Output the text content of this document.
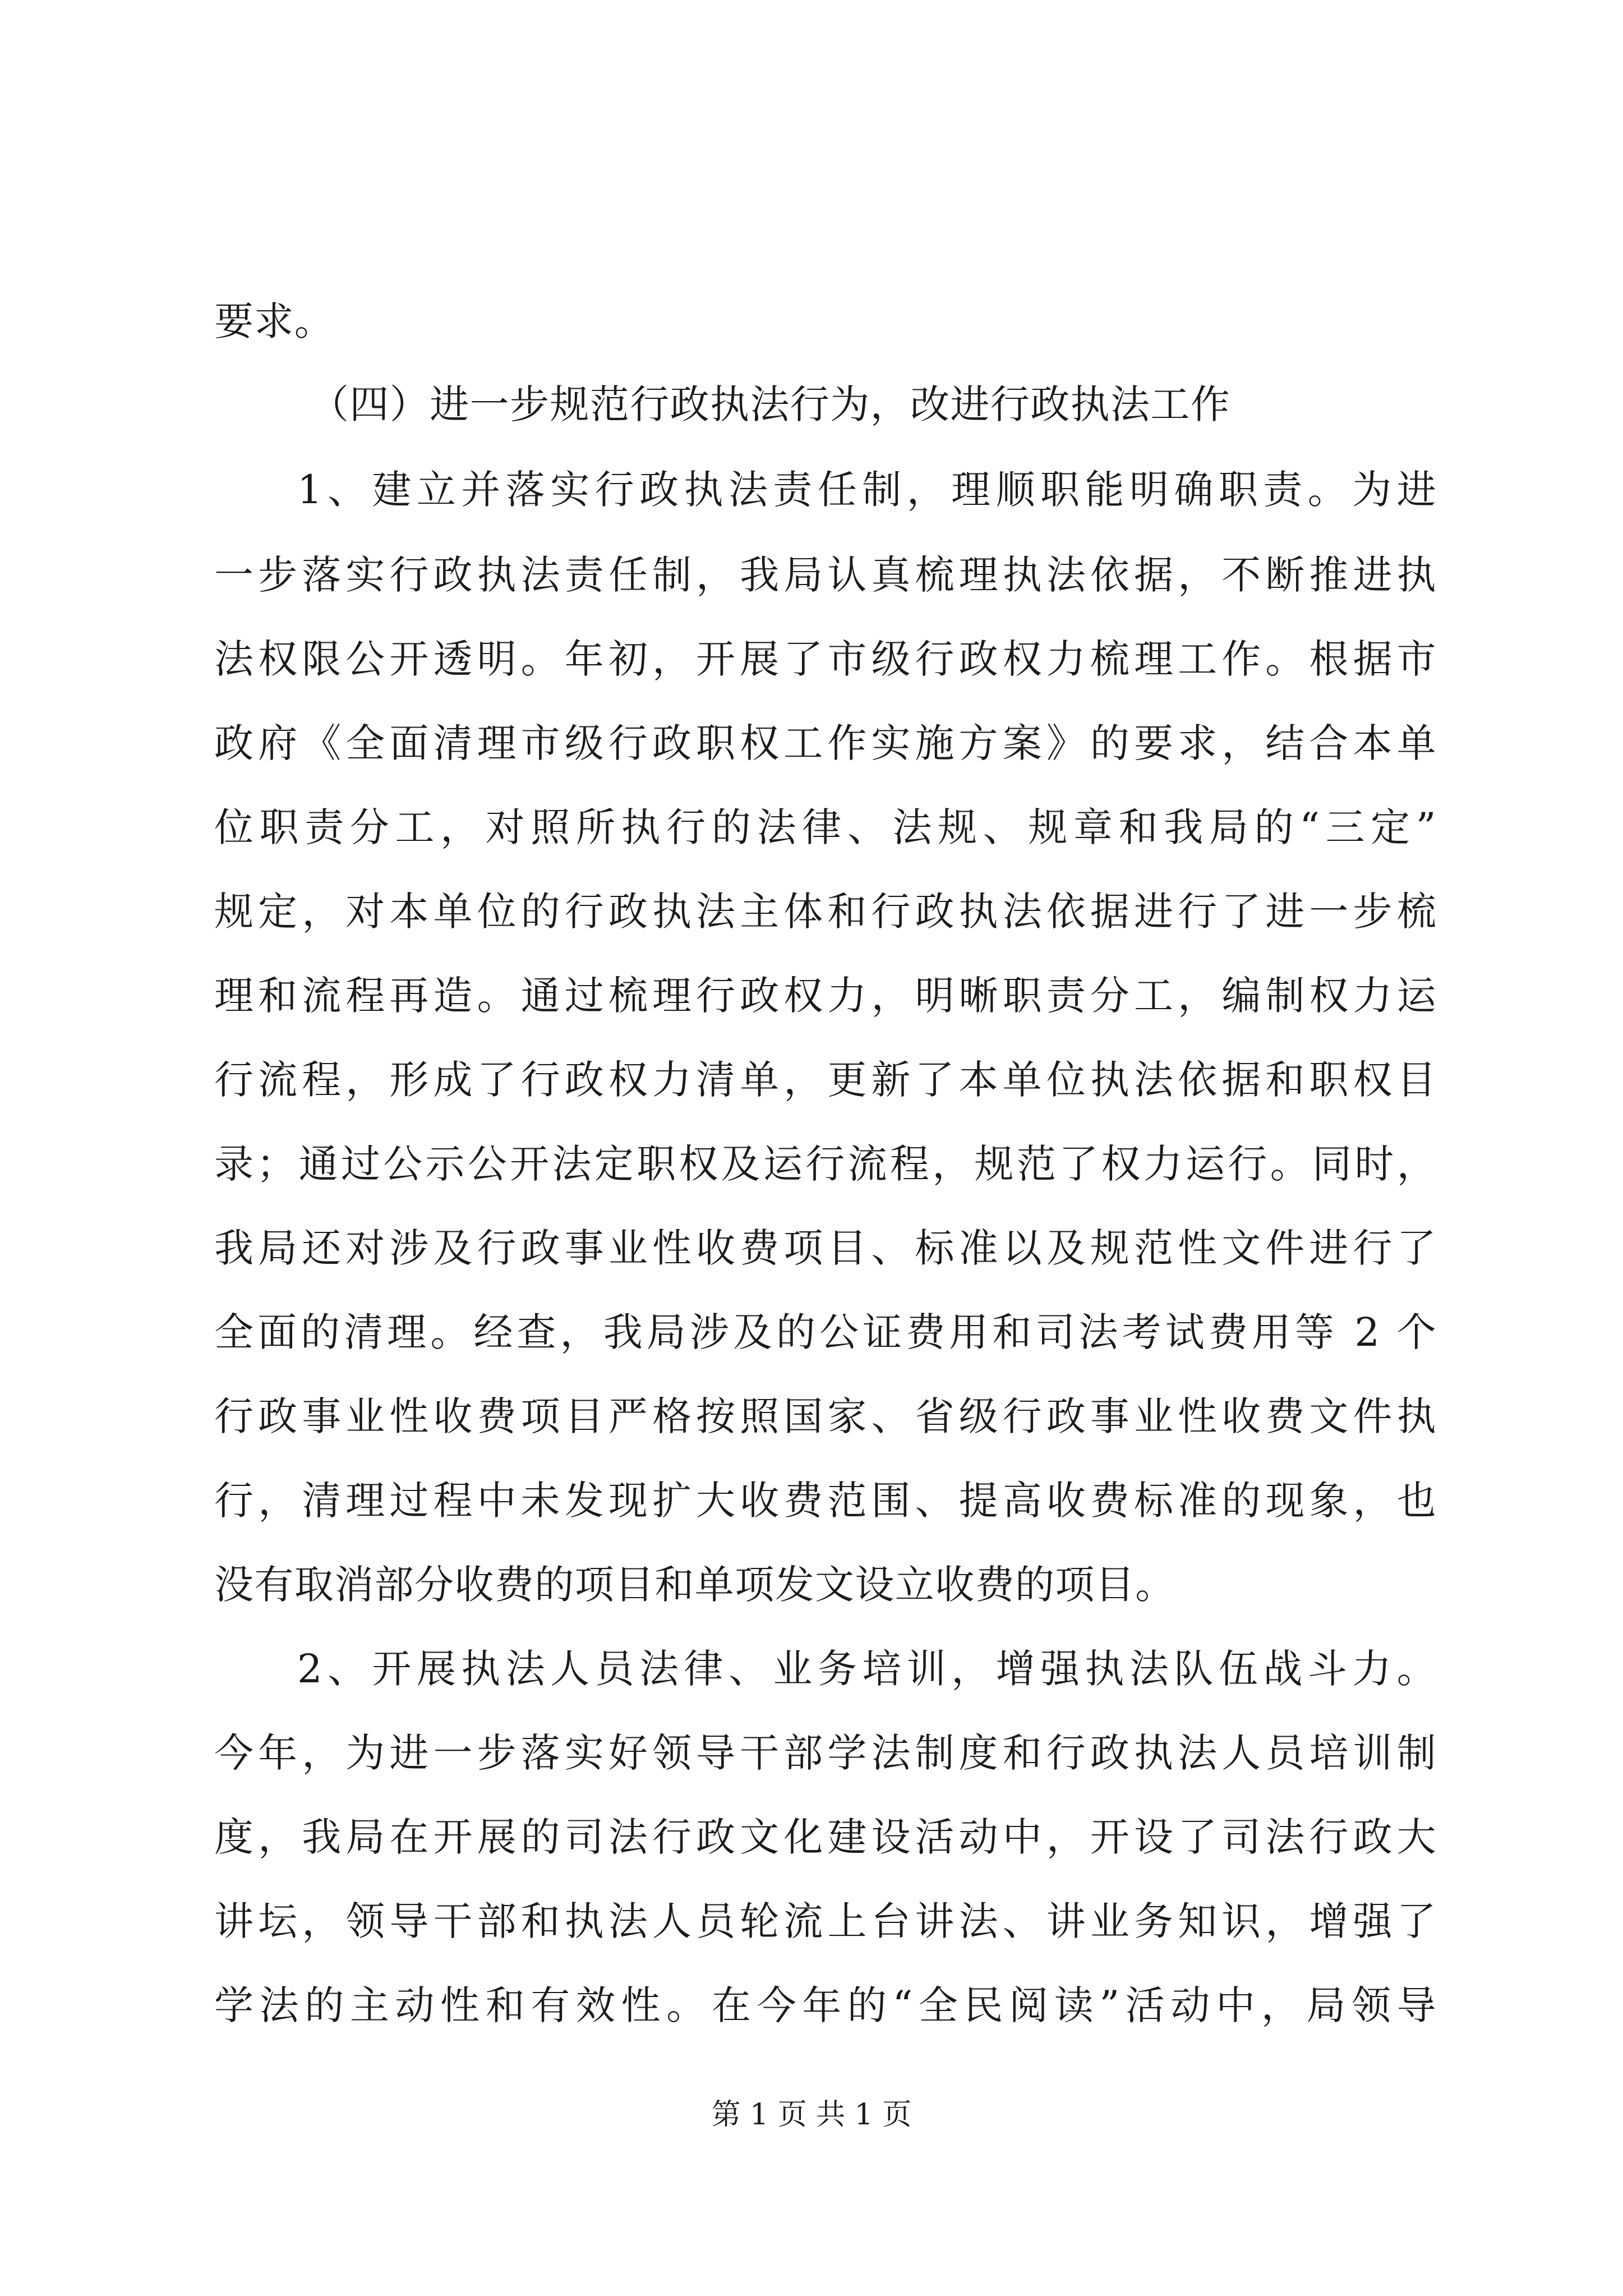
要求。
（四）进一步规范行政执法行为，改进行政执法工作
1、建立并落实行政执法责任制，理顺职能明确职责。为进
一步落实行政执法责任制，我局认真梳理执法依据，不断推进执
法权限公开透明。年初，开展了市级行政权力梳理工作。根据市
政府《全面清理市级行政职权工作实施方案》的要求，结合本单
位职责分工，对照所执行的法律、法规、规章和我局的“三定”
规定，对本单位的行政执法主体和行政执法依据进行了进一步梳
理和流程再造。通过梳理行政权力，明晰职责分工，编制权力运
行流程，形成了行政权力清单，更新了本单位执法依据和职权目
录；通过公示公开法定职权及运行流程，规范了权力运行。同时，
我局还对涉及行政事业性收费项目、标准以及规范性文件进行了
全面的清理。经查，我局涉及的公证费用和司法考试费用等 2 个
行政事业性收费项目严格按照国家、省级行政事业性收费文件执
行，清理过程中未发现扩大收费范围、提高收费标准的现象，也
没有取消部分收费的项目和单项发文设立收费的项目。
2、开展执法人员法律、业务培训，增强执法队伍战斗力。
今年，为进一步落实好领导干部学法制度和行政执法人员培训制
度，我局在开展的司法行政文化建设活动中，开设了司法行政大
讲坛，领导干部和执法人员轮流上台讲法、讲业务知识，增强了
学法的主动性和有效性。在今年的“全民阅读”活动中，局领导
第 1 页 共 1 页
